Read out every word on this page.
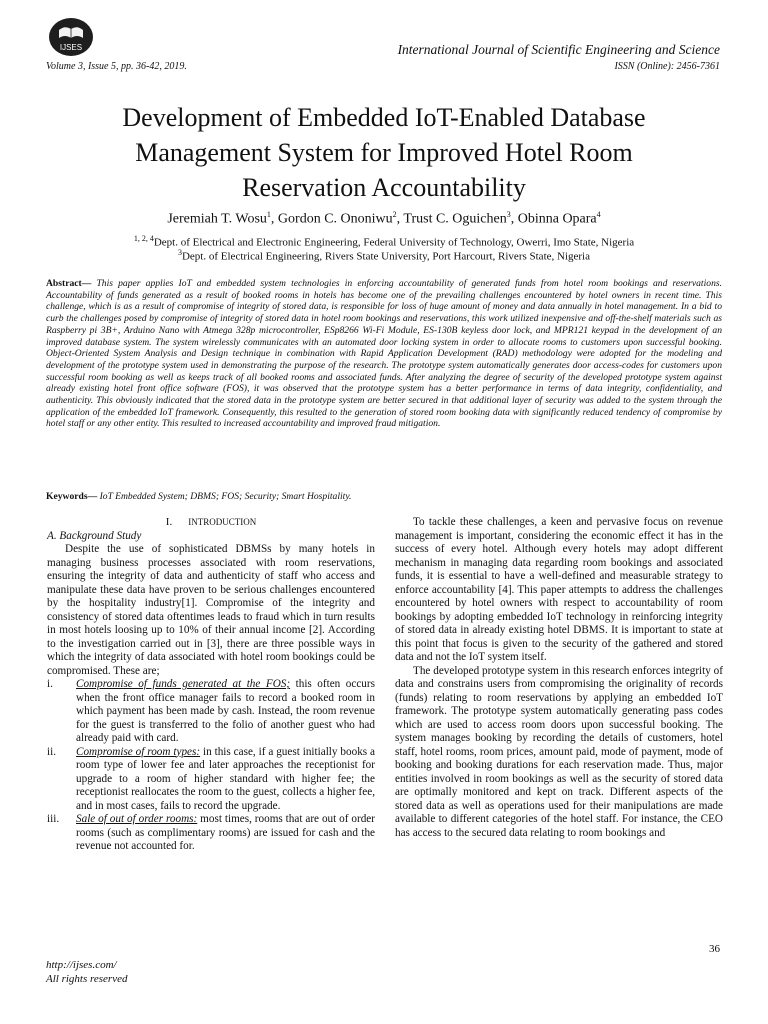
IJSES	International Journal of Scientific Engineering and Science
Volume 3, Issue 5, pp. 36-42, 2019.	ISSN (Online): 2456-7361
Development of Embedded IoT-Enabled Database
Management System for Improved Hotel Room
Reservation Accountability
Jeremiah T. Wosu$^1$, Gordon C. Ononiwu$^2$, Trust C. Oguichen$^3$, Obinna Opara$^4$
$^{1, 2, 4}$Dept. of Electrical and Electronic Engineering, Federal University of Technology, Owerri, Imo State, Nigeria
$^3$Dept. of Electrical Engineering, Rivers State University, Port Harcourt, Rivers State, Nigeria
Abstract— This paper applies IoT and embedded system technologies in enforcing accountability of generated funds from hotel room bookings and reservations. Accountability of funds generated as a result of booked rooms in hotels has become one of the prevailing challenges encountered by hotel owners in recent time. This challenge, which is as a result of compromise of integrity of stored data, is responsible for loss of huge amount of money and data annually in hotel management. In a bid to curb the challenges posed by compromise of integrity of stored data in hotel room bookings and reservations, this work utilized inexpensive and off-the-shelf materials such as Raspberry pi 3B+, Arduino Nano with Atmega 328p microcontroller, ESp8266 Wi-Fi Module, ES-130B keyless door lock, and MPR121 keypad in the development of an improved database system. The system wirelessly communicates with an automated door locking system in order to allocate rooms to customers upon successful booking. Object-Oriented System Analysis and Design technique in combination with Rapid Application Development (RAD) methodology were adopted for the modeling and development of the prototype system used in demonstrating the purpose of the research. The prototype system automatically generates door access-codes for customers upon successful room booking as well as keeps track of all booked rooms and associated funds. After analyzing the degree of security of the developed prototype system against already existing hotel front office software (FOS), it was observed that the prototype system has a better performance in terms of data integrity, confidentiality, and authenticity. This obviously indicated that the stored data in the prototype system are better secured in that additional layer of security was added to the system through the application of the embedded IoT framework. Consequently, this resulted to the generation of stored room booking data with significantly reduced tendency of compromise by hotel staff or any other entity. This resulted to increased accountability and improved fraud mitigation.
Keywords— IoT Embedded System; DBMS; FOS; Security; Smart Hospitality.

I. INTRODUCTION

A. Background Study

Despite the use of sophisticated DBMSs by many hotels in managing business processes associated with room reservations, ensuring the integrity of data and authenticity of staff who access and manipulate these data have proven to be serious challenges encountered by the hospitality industry[1]. Compromise of the integrity and consistency of stored data oftentimes leads to fraud which in turn results in most hotels loosing up to 10% of their annual income [2]. According to the investigation carried out in [3], there are three possible ways in which the integrity of data associated with hotel room bookings could be compromised. These are;

i.	Compromise of funds generated at the FOS; this often occurs when the front office manager fails to record a booked room in which payment has been made by cash. Instead, the room revenue for the guest is transferred to the folio of another guest who had already paid with card.
ii.	Compromise of room types: in this case, if a guest initially books a room type of lower fee and later approaches the receptionist for upgrade to a room of higher standard with higher fee; the receptionist reallocates the room to the guest, collects a higher fee, and in most cases, fails to record the upgrade.
iii.	Sale of out of order rooms: most times, rooms that are out of order rooms (such as complimentary rooms) are issued for cash and the revenue not accounted for.

To tackle these challenges, a keen and pervasive focus on revenue management is important, considering the economic effect it has in the success of every hotel. Although every hotels may adopt different mechanism in managing data regarding room bookings and associated funds, it is essential to have a well-defined and measurable strategy to enforce accountability [4]. This paper attempts to address the challenges encountered by hotel owners with respect to accountability of room bookings by adopting embedded IoT technology in reinforcing integrity of stored data in already existing hotel DBMS. It is important to state at this point that focus is given to the security of the gathered and stored data and not the IoT system itself.

The developed prototype system in this research enforces integrity of data and constrains users from compromising the originality of records (funds) relating to room reservations by applying an embedded IoT framework. The prototype system automatically generating pass codes which are used to access room doors upon successful booking. The system manages booking by recording the details of customers, hotel staff, hotel rooms, room prices, amount paid, mode of payment, mode of booking and booking durations for each reservation made. Thus, major entities involved in room bookings as well as the security of stored data are optimally monitored and kept on track. Different aspects of the stored data as well as operations used for their manipulations are made available to different categories of the hotel staff. For instance, the CEO has access to the secured data relating to room bookings and

36
http://ijses.com/
All rights reserved
